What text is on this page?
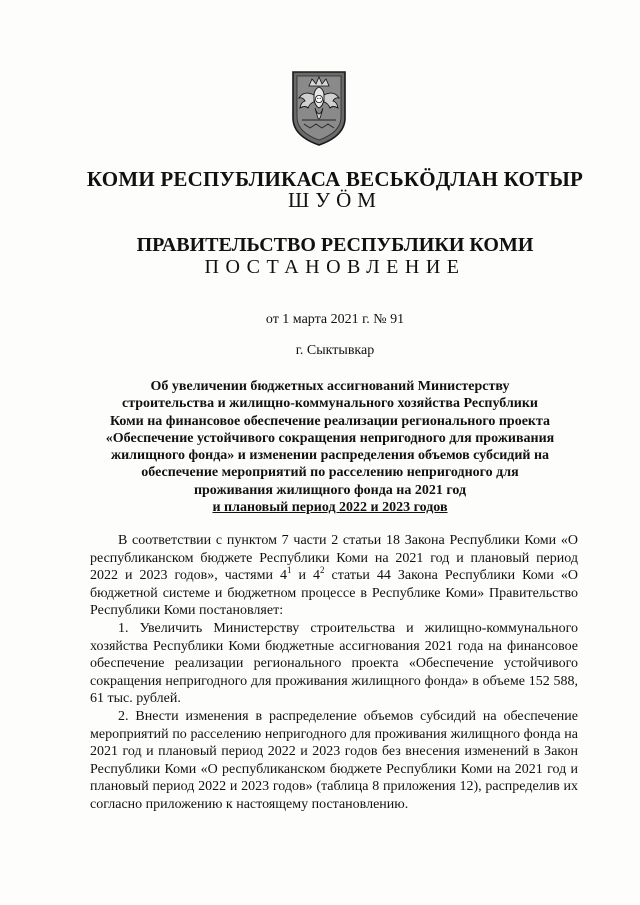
КОМИ РЕСПУБЛИКАСА ВЕСЬКӦДЛАН КОТЫР
ШУӦМ
ПРАВИТЕЛЬСТВО РЕСПУБЛИКИ КОМИ
ПОСТАНОВЛЕНИЕ
от 1 марта 2021 г. № 91
г. Сыктывкар
Об увеличении бюджетных ассигнований Министерству
строительства и жилищно-коммунального хозяйства Республики
Коми на финансовое обеспечение реализации регионального проекта
«Обеспечение устойчивого сокращения непригодного для проживания
жилищного фонда» и изменении распределения объемов субсидий на
обеспечение мероприятий по расселению непригодного для
проживания жилищного фонда на 2021 год
и плановый период 2022 и 2023 годов

В соответствии с пунктом 7 части 2 статьи 18 Закона Республики Коми «О республиканском бюджете Республики Коми на 2021 год и плановый период 2022 и 2023 годов», частями $4^1$ и $4^2$ статьи 44 Закона Республики Коми «О бюджетной системе и бюджетном процессе в Республике Коми» Правительство Республики Коми постановляет:

1. Увеличить Министерству строительства и жилищно-коммунального хозяйства Республики Коми бюджетные ассигнования 2021 года на финансовое обеспечение реализации регионального проекта «Обеспечение устойчивого сокращения непригодного для проживания жилищного фонда» в объеме 152 588, 61 тыс. рублей.

2. Внести изменения в распределение объемов субсидий на обеспечение мероприятий по расселению непригодного для проживания жилищного фонда на 2021 год и плановый период 2022 и 2023 годов без внесения изменений в Закон Республики Коми «О республиканском бюджете Республики Коми на 2021 год и плановый период 2022 и 2023 годов» (таблица 8 приложения 12), распределив их согласно приложению к настоящему постановлению.
